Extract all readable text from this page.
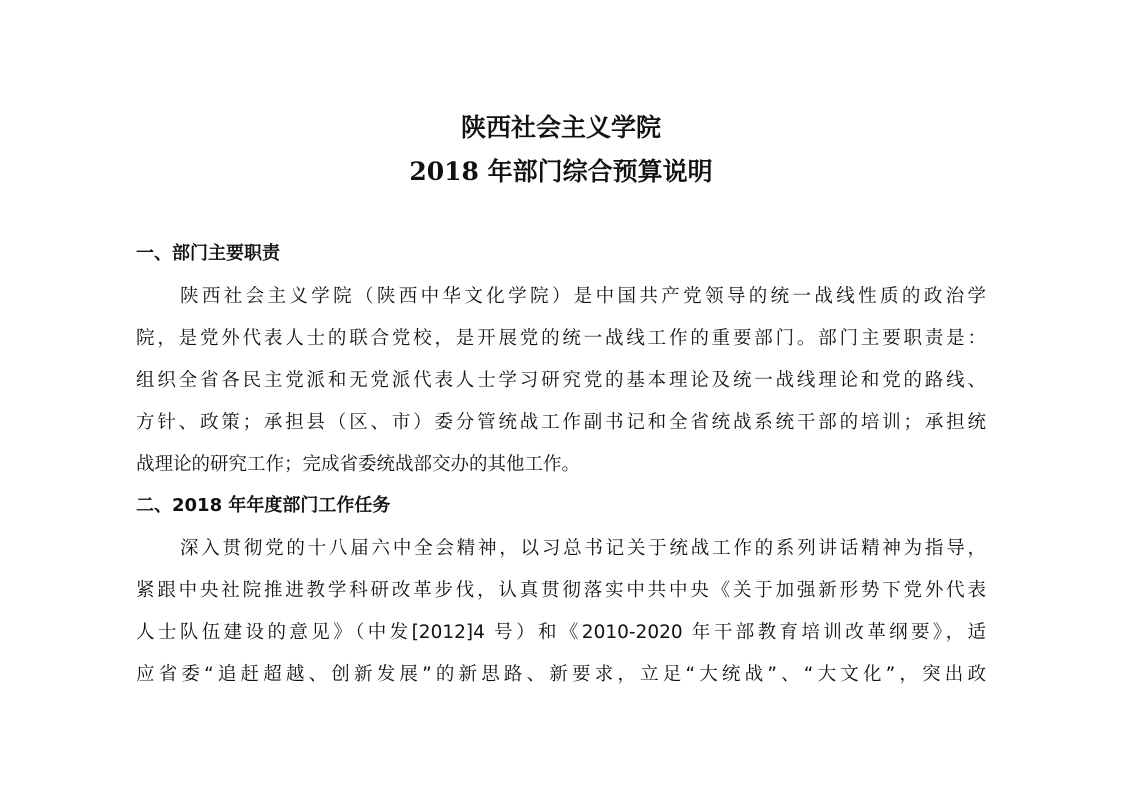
陕西社会主义学院
2018 年部门综合预算说明
一、部门主要职责
陕西社会主义学院（陕西中华文化学院）是中国共产党领导的统一战线性质的政治学
院，是党外代表人士的联合党校，是开展党的统一战线工作的重要部门。部门主要职责是：
组织全省各民主党派和无党派代表人士学习研究党的基本理论及统一战线理论和党的路线、
方针、政策；承担县（区、市）委分管统战工作副书记和全省统战系统干部的培训；承担统
战理论的研究工作；完成省委统战部交办的其他工作。
二、2018 年年度部门工作任务
深入贯彻党的十八届六中全会精神，以习总书记关于统战工作的系列讲话精神为指导，
紧跟中央社院推进教学科研改革步伐，认真贯彻落实中共中央《关于加强新形势下党外代表
人士队伍建设的意见》（中发[2012]4 号）和《2010-2020 年干部教育培训改革纲要》，适
应省委“追赶超越、创新发展”的新思路、新要求，立足“大统战”、“大文化”，突出政
